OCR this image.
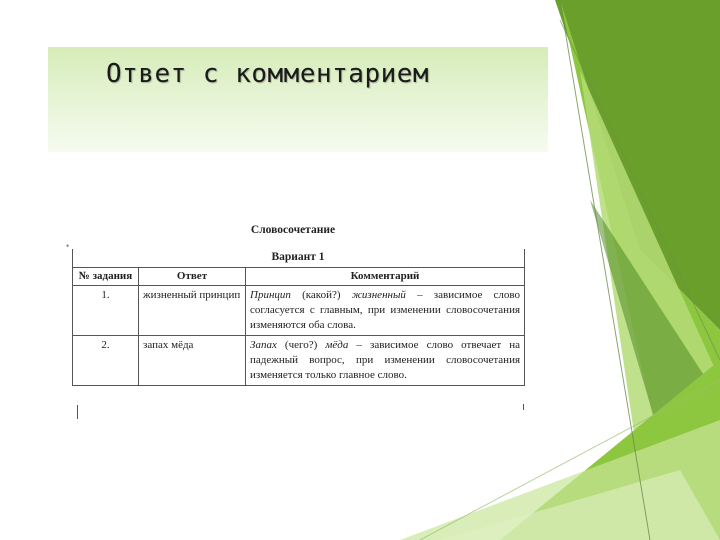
Ответ с комментарием
Словосочетание
•
Вариант 1

№ задания	Ответ	Комментарий
1.	жизненный принцип	Принцип (какой?) жизненный – зависимое слово согласуется с главным, при изменении словосочетания изменяются оба слова.
2.	запах мёда	Запах (чего?) мёда – зависимое слово отвечает на падежный вопрос, при изменении словосочетания изменяется только главное слово.
